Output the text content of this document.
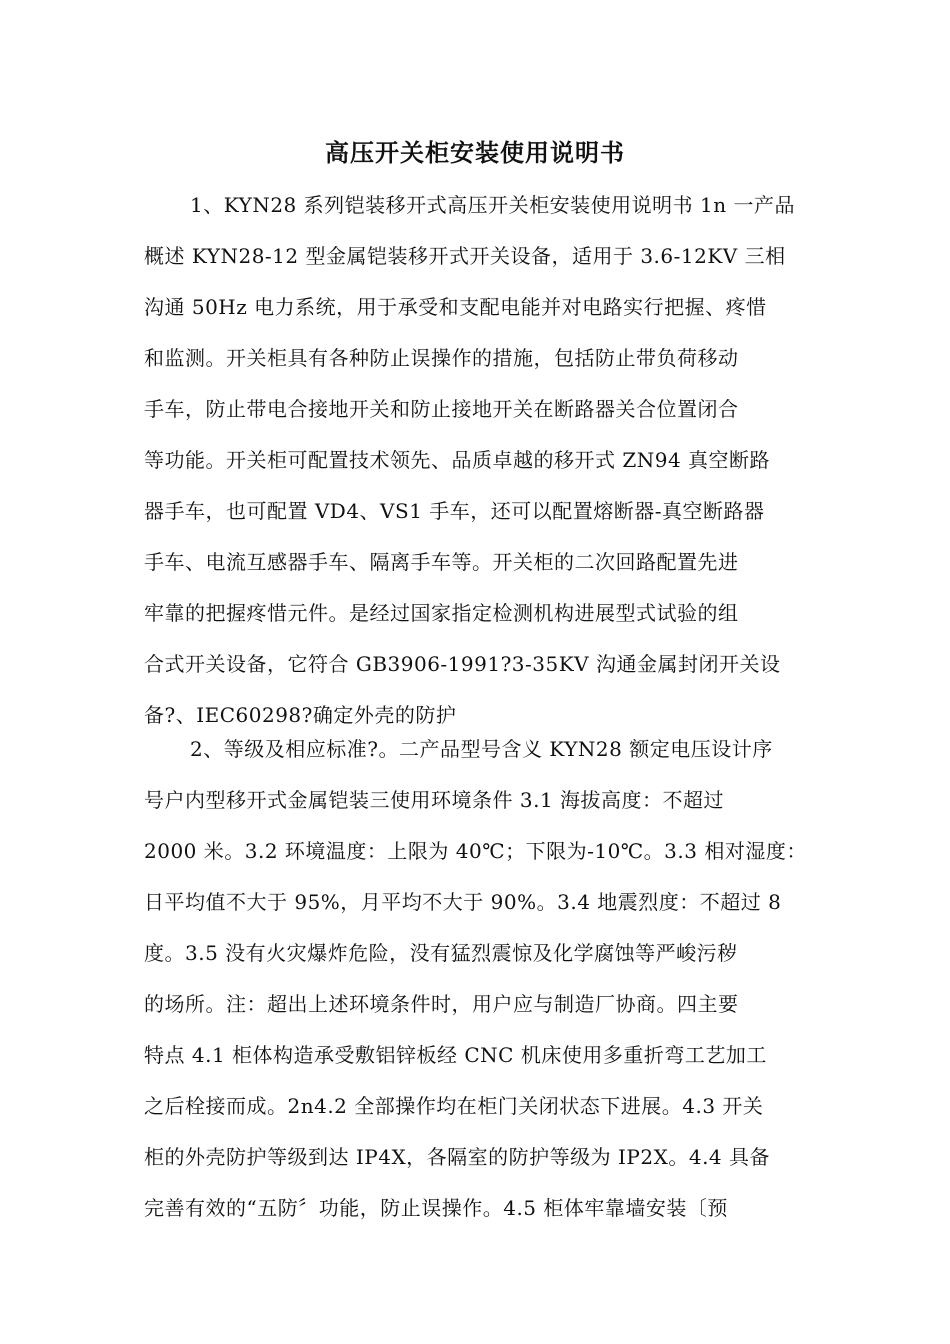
高压开关柜安装使用说明书
1、KYN28 系列铠装移开式高压开关柜安装使用说明书 1n 一产品
概述 KYN28-12 型金属铠装移开式开关设备，适用于 3.6-12KV 三相
沟通 50Hz 电力系统，用于承受和支配电能并对电路实行把握、疼惜
和监测。开关柜具有各种防止误操作的措施，包括防止带负荷移动
手车，防止带电合接地开关和防止接地开关在断路器关合位置闭合
等功能。开关柜可配置技术领先、品质卓越的移开式 ZN94 真空断路
器手车，也可配置 VD4、VS1 手车，还可以配置熔断器-真空断路器
手车、电流互感器手车、隔离手车等。开关柜的二次回路配置先进
牢靠的把握疼惜元件。是经过国家指定检测机构进展型式试验的组
合式开关设备，它符合 GB3906-1991?3-35KV 沟通金属封闭开关设
备?、IEC60298?确定外壳的防护
2、等级及相应标准?。二产品型号含义 KYN28 额定电压设计序
号户内型移开式金属铠装三使用环境条件 3.1 海拔高度：不超过
2000 米。3.2 环境温度：上限为 40℃；下限为-10℃。3.3 相对湿度：
日平均值不大于 95%，月平均不大于 90%。3.4 地震烈度：不超过 8
度。3.5 没有火灾爆炸危险，没有猛烈震惊及化学腐蚀等严峻污秽
的场所。注：超出上述环境条件时，用户应与制造厂协商。四主要
特点 4.1 柜体构造承受敷铝锌板经 CNC 机床使用多重折弯工艺加工
之后栓接而成。2n4.2 全部操作均在柜门关闭状态下进展。4.3 开关
柜的外壳防护等级到达 IP4X，各隔室的防护等级为 IP2X。4.4 具备
完善有效的“五防〞功能，防止误操作。4.5 柜体牢靠墙安装〔预
